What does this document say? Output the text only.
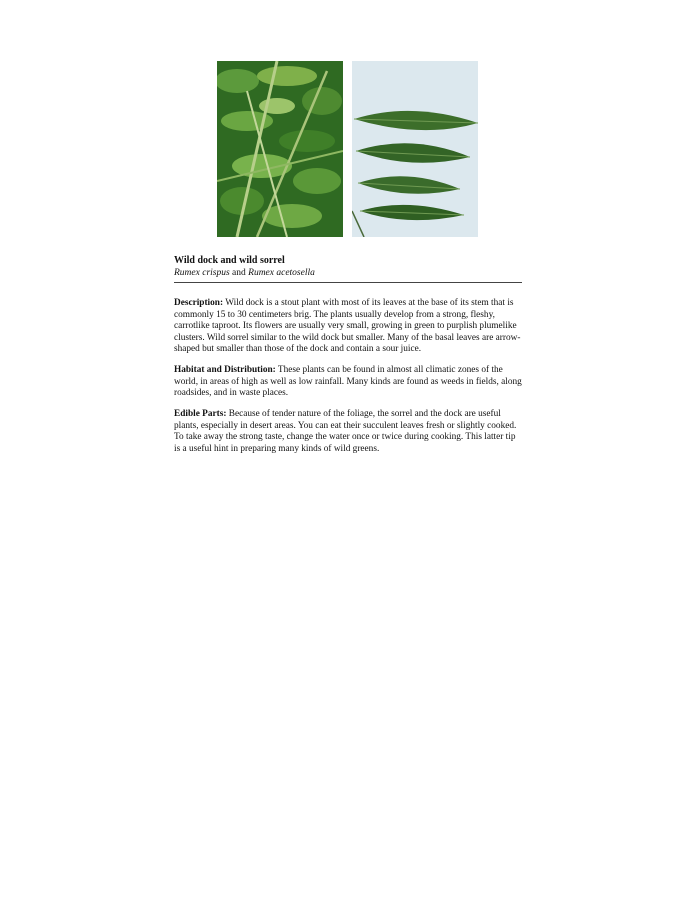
Wild dock and wild sorrel

Rumex crispus and Rumex acetosella

Description: Wild dock is a stout plant with most of its leaves at the base of its stem that is commonly 15 to 30 centimeters brig. The plants usually develop from a strong, fleshy, carrotlike taproot. Its flowers are usually very small, growing in green to purplish plumelike clusters. Wild sorrel similar to the wild dock but smaller. Many of the basal leaves are arrow-shaped but smaller than those of the dock and contain a sour juice.

Habitat and Distribution: These plants can be found in almost all climatic zones of the world, in areas of high as well as low rainfall. Many kinds are found as weeds in fields, along roadsides, and in waste places.

Edible Parts: Because of tender nature of the foliage, the sorrel and the dock are useful plants, especially in desert areas. You can eat their succulent leaves fresh or slightly cooked. To take away the strong taste, change the water once or twice during cooking. This latter tip is a useful hint in preparing many kinds of wild greens.
